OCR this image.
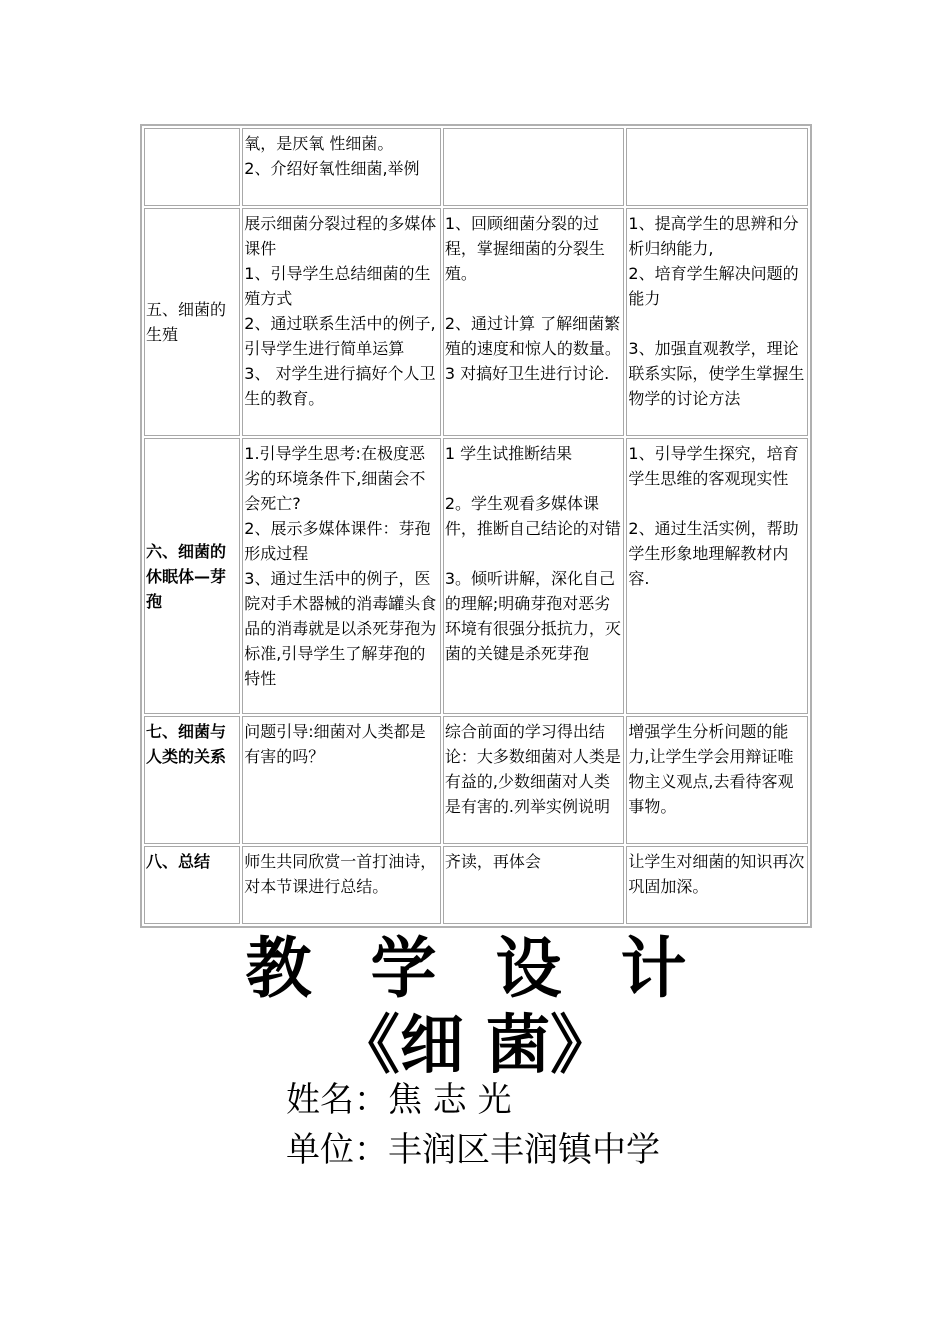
	氧，是厌氧 性细菌。
2、介绍好氧性细菌,举例		

五、细菌的生殖	展示细菌分裂过程的多媒体课件
1、引导学生总结细菌的生殖方式
2、通过联系生活中的例子,引导学生进行简单运算
3、 对学生进行搞好个人卫生的教育。	1、回顾细菌分裂的过程，掌握细菌的分裂生殖。
2、通过计算 了解细菌繁殖的速度和惊人的数量。
3 对搞好卫生进行讨论.	1、提高学生的思辨和分析归纳能力,
2、培育学生解决问题的能力
3、加强直观教学，理论联系实际，使学生掌握生物学的讨论方法

六、细菌的休眠体—芽孢	1.引导学生思考:在极度恶劣的环境条件下,细菌会不会死亡?
2、展示多媒体课件：芽孢形成过程
3、通过生活中的例子，医院对手术器械的消毒罐头食品的消毒就是以杀死芽孢为标准,引导学生了解芽孢的特性	1 学生试推断结果
2。学生观看多媒体课件，推断自己结论的对错
3。倾听讲解，深化自己的理解;明确芽孢对恶劣环境有很强分抵抗力，灭菌的关键是杀死芽孢	1、引导学生探究，培育学生思维的客观现实性
2、通过生活实例，帮助学生形象地理解教材内容.

七、细菌与人类的关系	问题引导:细菌对人类都是有害的吗？	综合前面的学习得出结论：大多数细菌对人类是有益的,少数细菌对人类是有害的.列举实例说明	增强学生分析问题的能力,让学生学会用辩证唯物主义观点,去看待客观事物。

八、总结	师生共同欣赏一首打油诗，对本节课进行总结。	齐读，再体会	让学生对细菌的知识再次巩固加深。
教 学 设 计
《细 菌》
姓名：焦 志 光
单位：丰润区丰润镇中学
